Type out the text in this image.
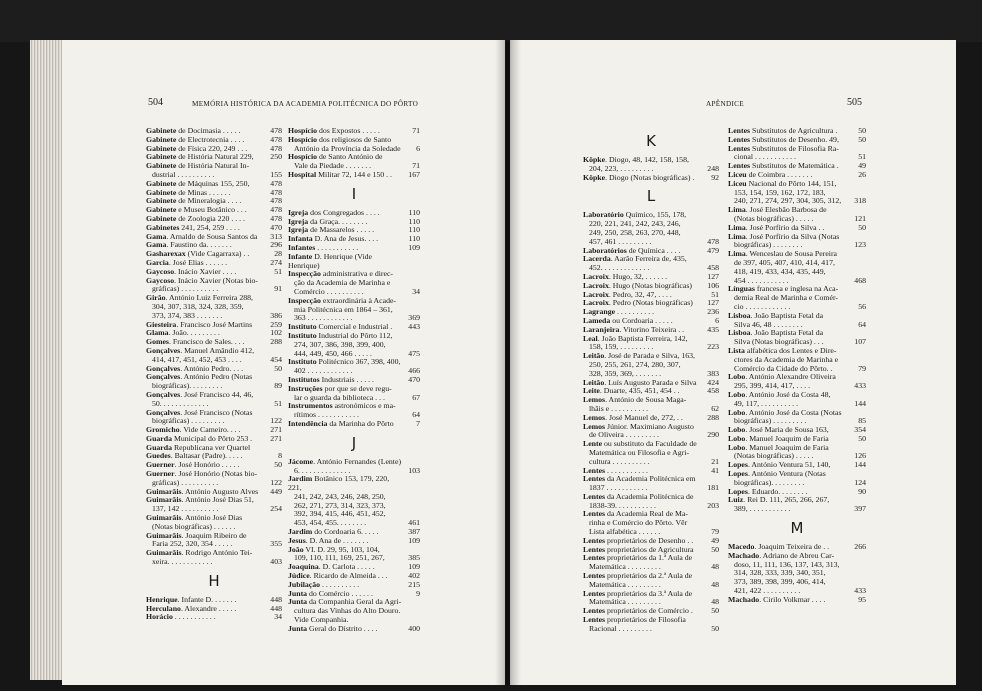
504	MEMÓRIA HISTÓRICA DA ACADEMIA POLITÉCNICA DO PÔRTO	APÊNDICE	505
Gabinete de Docimasia . . . . .	478
Gabinete de Electrotecnia . . . .	478
Gabinete de Física 220, 249 . . .	478
Gabinete de História Natural 229,	250
Gabinete de História Natural In-
dustrial . . . . . . . . . .	155
Gabinete de Máquinas 155, 250,	478
Gabinete de Minas . . . . . .	478
Gabinete de Mineralogia . . . .	478
Gabinete e Museu Botânico . . .	478
Gabinete de Zoologia 220 . . . .	478
Gabinetes 241, 254, 259 . . . .	470
Gama. Arnaldo de Sousa Santos da	313
Gama. Faustino da. . . . . . .	296
Gasharexax (Vide Cagarraxa) . .	28
Garcia. José Elias . . . . . .	274
Gaycoso. Inácio Xavier . . . .	51
Gaycoso. Inácio Xavier (Notas bio-
gráficas) . . . . . . . . . .	91
Girão. António Luiz Ferreira 288,
304, 307, 318, 324, 328, 359,
373, 374, 383 . . . . . . .	386
Giesteira. Francisco José Martins	259
Glama. João. . . . . . . . .	102
Gomes. Francisco de Sales. . . .	288
Gonçalves. Manuel Amândio 412,
414, 417, 451, 452, 453 . . . .	454
Gonçalves. António Pedro. . . .	50
Gonçalves. António Pedro (Notas
biográficas). . . . . . . . .	89
Gonçalves. José Francisco 44, 46,
50. . . . . . . . . . . . .	51
Gonçalves. José Francisco (Notas
biográficas) . . . . . . . . .	122
Gromicho. Vide Cameiro. . . .	271
Guarda Municipal do Pôrto 253 .	271
Guarda Republicana ver Quartel
Guedes. Baltasar (Padre). . . . .	8
Guerner. José Honório . . . . .	50
Guerner. José Honório (Notas bio-
gráficas) . . . . . . . . . .	122
Guimarãis. António Augusto Alves	449
Guimarãis. António José Dias 51,
137, 142 . . . . . . . . . .	254
Guimarãis. António José Dias
(Notas biográficas) . . . . . .
Guimarãis. Joaquim Ribeiro de
Faria 252, 320, 354 . . . . .	355
Guimarãis. Rodrigo António Tei-
xeira. . . . . . . . . . . .	403
H
Henrique. Infante D. . . . . . .	448
Herculano. Alexandre . . . . .	448
Horácio . . . . . . . . . . .	34
Hospício dos Expostos . . . . .	71
Hospício dos religiosos de Santo
António da Província da Soledade	6
Hospício de Santo António de
Vale da Piedade . . . . . . .	71
Hospital Militar 72, 144 e 150 . .	167
I
Igreja dos Congregados . . . .	110
Igreja da Graça. . . . . . . .	110
Igreja de Massarelos . . . . .	110
Infanta D. Ana de Jesus. . . .	110
Infantes . . . . . . . . . . .	109
Infante D. Henrique (Vide Henrique)
Inspecção administrativa e direc-
ção da Academia de Marinha e
Comércio . . . . . . . . . .	34
Inspecção extraordinária à Acade-
mia Politécnica em 1864 – 361,
363 . . . . . . . . . . . .	369
Instituto Comercial e Industrial .	443
Instituto Industrial do Pôrto 112,
274, 307, 386, 398, 399, 400,
444, 449, 450, 466 . . . . .	475
Instituto Politécnico 367, 398, 400,
402 . . . . . . . . . . . .	466
Institutos Industriais . . . . .	470
Instruções por que se deve regu-
lar o guarda da biblioteca . . .	67
Instrumentos astronómicos e ma-
rítimos . . . . . . . . . . .	64
Intendência da Marinha do Pôrto	7
J
Jácome. António Fernandes (Lente)
6. . . . . . . . . . . . . .	103
Jardim Botânico 153, 179, 220, 221,
241, 242, 243, 246, 248, 250,
262, 271, 273, 314, 323, 373,
392, 394, 415, 446, 451, 452,
453, 454, 455. . . . . . . .	461
Jardim do Cordoaria 6. . . . .	387
Jesus. D. Ana de . . . . . . .	109
João VI. D. 29, 95, 103, 104,
109, 110, 111, 169, 251, 267,	385
Joaquina. D. Carlota . . . . .	109
Júdice. Ricardo de Almeida . . .	402
Jubilação . . . . . . . . . .	215
Junta do Comércio . . . . . .	9
Junta da Companhia Geral da Agri-
cultura das Vinhas do Alto Douro.
Vide Companhia.
Junta Geral do Distrito . . . .	400
K
Köpke. Diogo, 48, 142, 158, 158,
204, 223, . . . . . . . . .	248
Köpke. Diogo (Notas biográficas) .	92
L
Laboratório Químico, 155, 178,
220, 221, 241, 242, 243, 246,
249, 250, 258, 263, 270, 448,
457, 461 . . . . . . . . .	478
Laboratórios de Química . . . .	479
Lacerda. Aarão Ferreira de, 435,
452. . . . . . . . . . . . .	458
Lacroix. Hugo, 32, . . . . . .	127
Lacroix. Hugo (Notas biográficas)	106
Lacroix. Pedro, 32, 47, . . . .	51
Lacroix. Pedro (Notas biográficas)	127
Lagrange . . . . . . . . . .	236
Lameda ou Cordoaria . . . . .	6
Laranjeira. Vitorino Teixeira . .	435
Leal. João Baptista Ferreira, 142,
158, 159, . . . . . . . . .	223
Leitão. José de Parada e Silva, 163,
250, 255, 261, 274, 280, 307,
328, 359, 369, . . . . . . .	383
Leitão. Luís Augusto Parada e Silva	424
Leite. Duarte, 435, 451, 454 . .	458
Lemos. António de Sousa Maga-
lhãis e . . . . . . . . . .	62
Lemos. José Manuel de, 272, . .	288
Lemos Júnior. Maximiano Augusto
de Oliveira . . . . . . . . .	290
Lente ou substituto da Faculdade de
Matemática ou Filosofia e Agri-
cultura . . . . . . . . . .	21
Lentes . . . . . . . . . . .	41
Lentes da Academia Politécnica em
1837 . . . . . . . . . . .	181
Lentes da Academia Politécnica de
1838-39. . . . . . . . . . .	203
Lentes da Academia Real de Ma-
rinha e Comércio do Pôrto. Vêr
Lista alfabética . . . . . .	79
Lentes proprietários de Desenho . .	49
Lentes proprietários de Agricultura	50
Lentes proprietários da 1.ª Aula de
Matemática . . . . . . . . .	48
Lentes proprietários da 2.ª Aula de
Matemática . . . . . . . . .	48
Lentes proprietários da 3.ª Aula de
Matemática . . . . . . . . .	48
Lentes proprietários de Comércio .	50
Lentes proprietários de Filosofia
Racional . . . . . . . . .	50
Lentes Substitutos de Agricultura .	50
Lentes Substitutos de Desenho. 49,	50
Lentes Substitutos de Filosofia Ra-
cional . . . . . . . . . . .	51
Lentes Substitutos de Matemática .	49
Liceu de Coimbra . . . . . . .	26
Liceu Nacional do Pôrto 144, 151,
153, 154, 159, 162, 172, 183,
240, 271, 274, 297, 304, 305, 312,	318
Lima. José Elesbão Barbosa de
(Notas biográficas) . . . . .	121
Lima. José Porfírio da Silva . .	50
Lima. José Porfírio da Silva (Notas
biográficas) . . . . . . . .	123
Lima. Wenceslau de Sousa Pereira
de 397, 405, 407, 410, 414, 417,
418, 419, 433, 434, 435, 449,
454 . . . . . . . . . . .	468
Línguas francesa e inglesa na Aca-
demia Real de Marinha e Comér-
cio . . . . . . . . . . . .	56
Lisboa. João Baptista Fetal da
Silva 46, 48 . . . . . . . .	64
Lisboa. João Baptista Fetal da
Silva (Notas biográficas) . . .	107
Lista alfabética dos Lentes e Dire-
ctores da Academia de Marinha e
Comércio da Cidade do Pôrto. .	79
Lobo. António Alexandre Oliveira
295, 399, 414, 417, . . . .	433
Lobo. António José da Costa 48,
49, 117, . . . . . . . . . .	144
Lobo. António José da Costa (Notas
biográficas) . . . . . . . . .	85
Lobo. José Maria de Sousa 163,	354
Lobo. Manuel Joaquim de Faria	50
Lobo. Manuel Joaquim de Faria
(Notas biográficas) . . . . .	126
Lopes. António Ventura 51, 140,	144
Lopes. António Ventura (Notas
biográficas). . . . . . . . .	124
Lopes. Eduardo. . . . . . . .	90
Luiz. Rei D. 111, 265, 266, 267,
389, . . . . . . . . . . .	397
M
Macedo. Joaquim Teixeira de . .	266
Machado. Adriano de Abreu Car-
doso, 11, 111, 136, 137, 143, 313,
314, 328, 333, 339, 340, 351,
373, 389, 398, 399, 406, 414,
421, 422 . . . . . . . . . .	433
Machado. Cirilo Volkmar . . . .	95
